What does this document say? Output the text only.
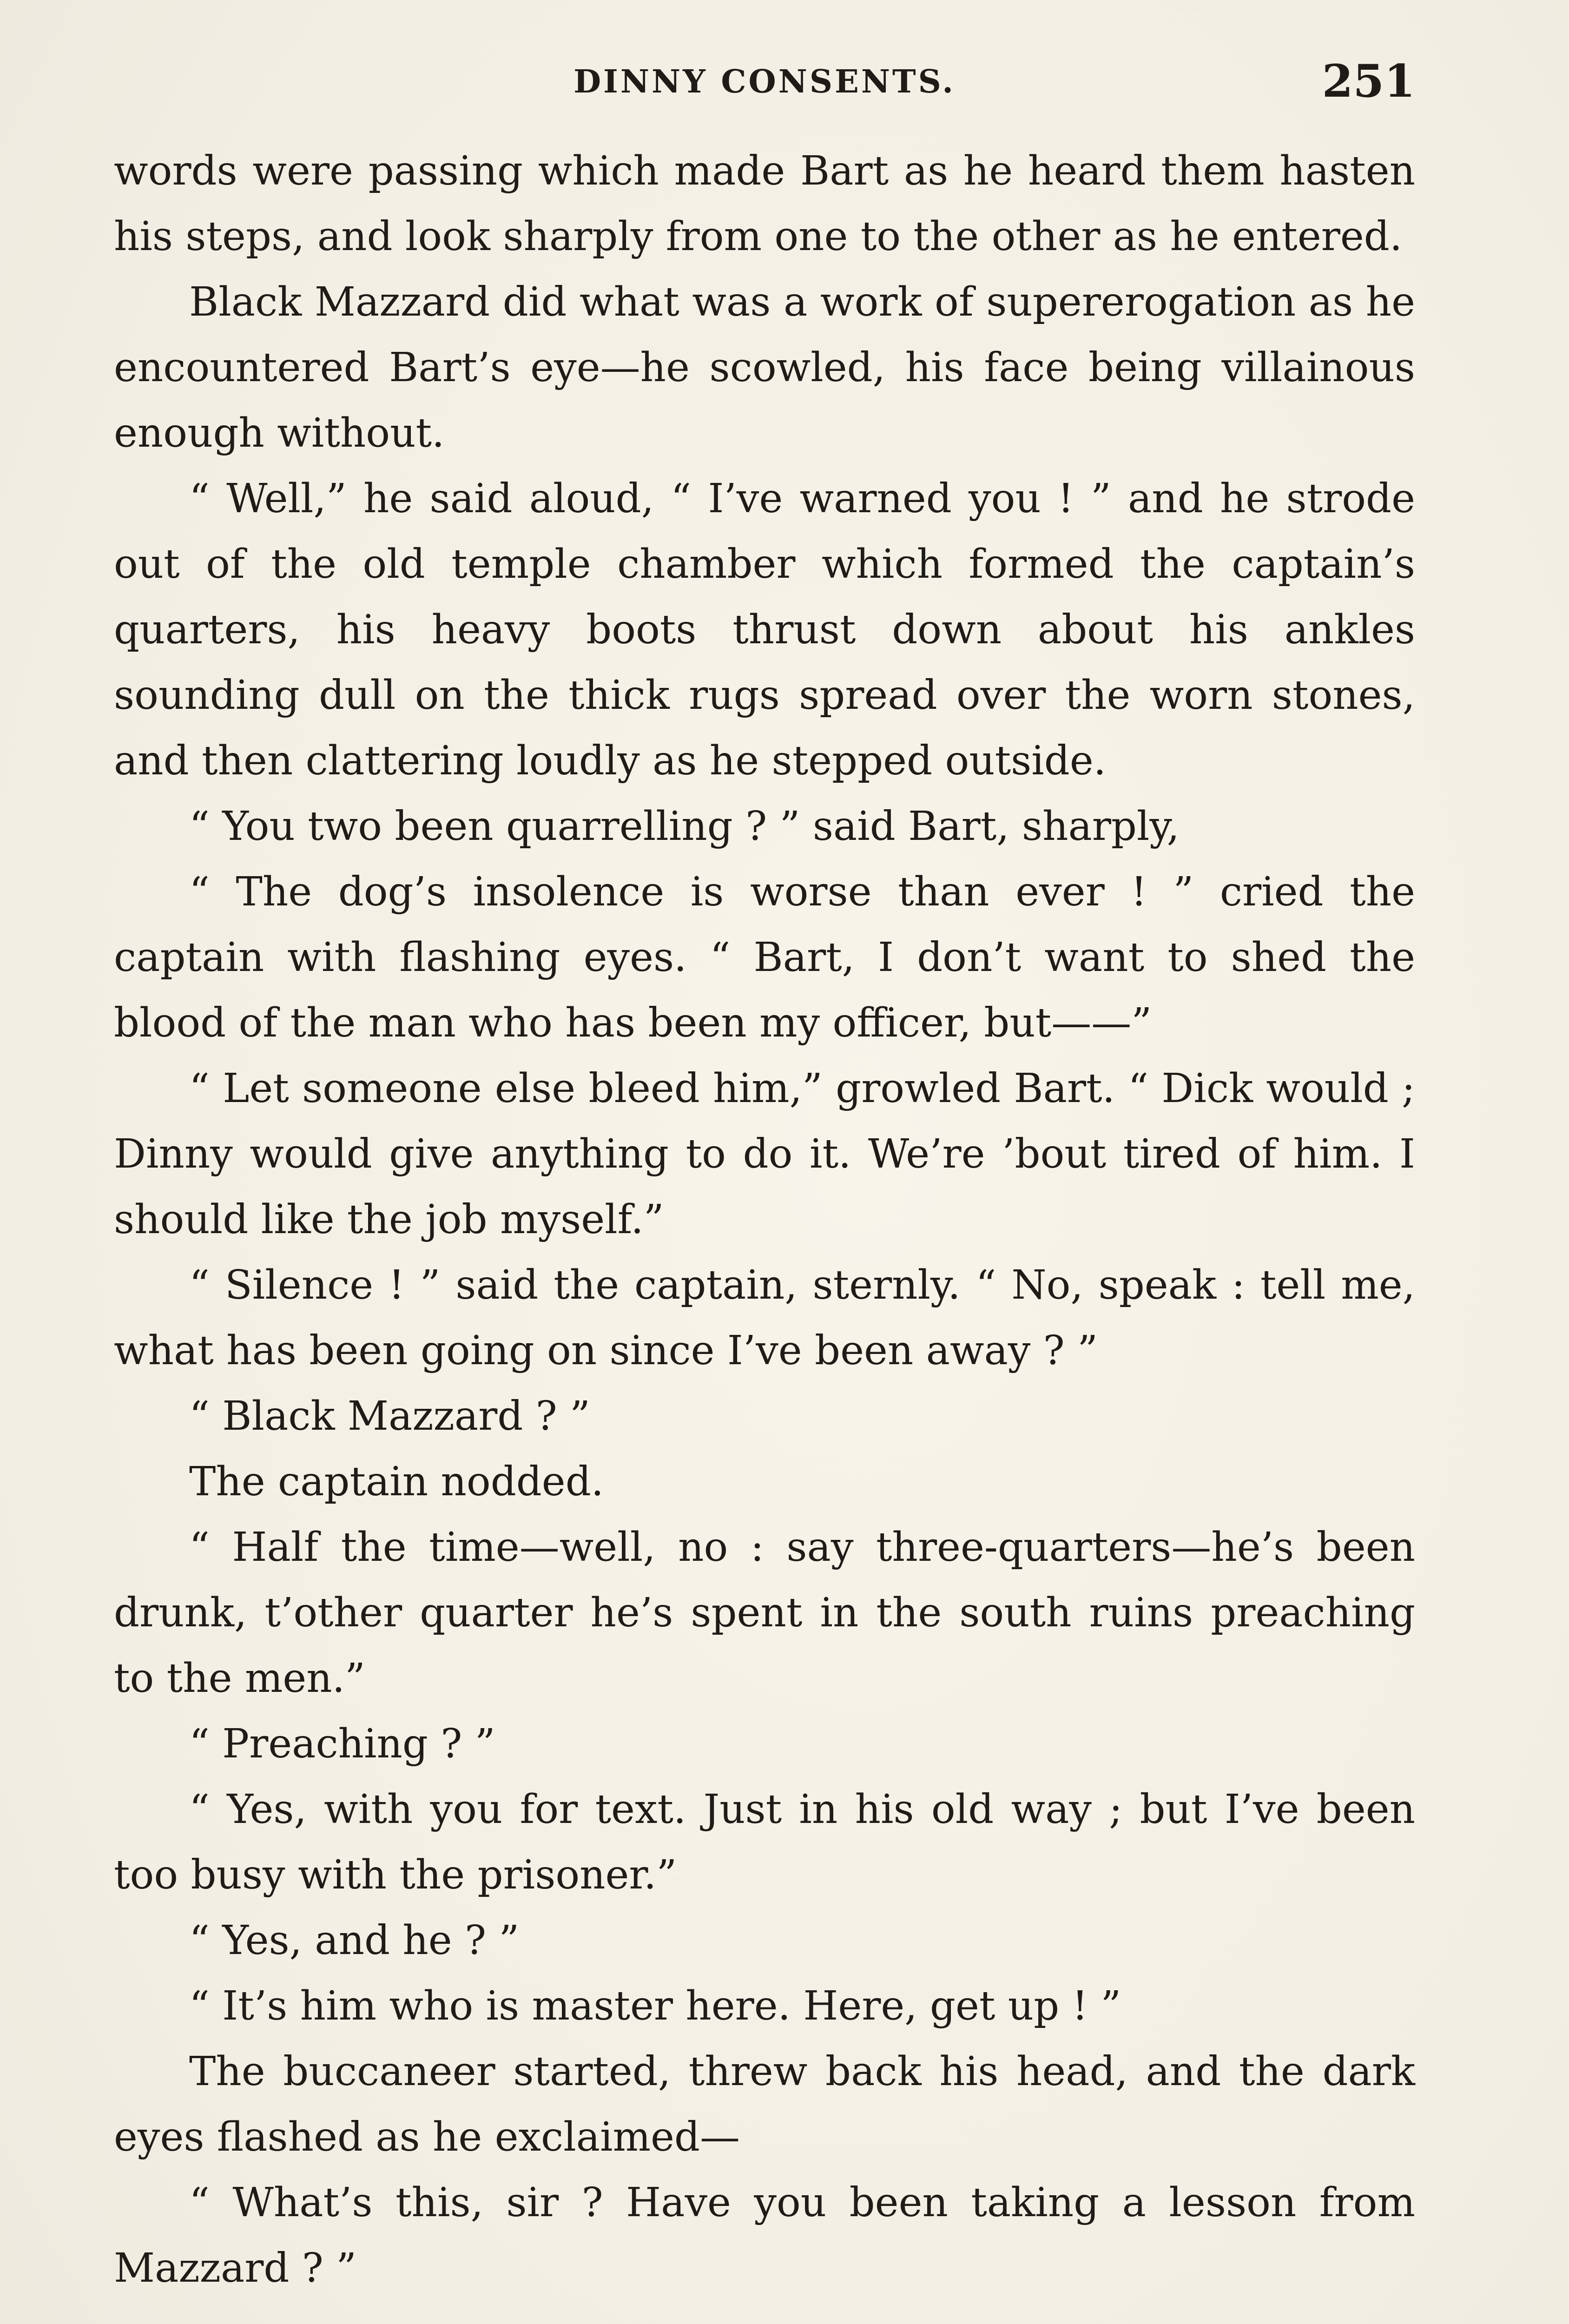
DINNY CONSENTS.	251

words were passing which made Bart as he heard them hasten his steps, and look sharply from one to the other as he entered.

Black Mazzard did what was a work of supererogation as he encountered Bart’s eye—he scowled, his face being villainous enough without.

“ Well,” he said aloud, “ I’ve warned you ! ” and he strode out of the old temple chamber which formed the captain’s quarters, his heavy boots thrust down about his ankles sounding dull on the thick rugs spread over the worn stones, and then clattering loudly as he stepped outside.

“ You two been quarrelling ? ” said Bart, sharply,

“ The dog’s insolence is worse than ever ! ” cried the captain with flashing eyes. “ Bart, I don’t want to shed the blood of the man who has been my officer, but——”

“ Let someone else bleed him,” growled Bart. “ Dick would ; Dinny would give anything to do it. We’re ’bout tired of him. I should like the job myself.”

“ Silence ! ” said the captain, sternly. “ No, speak : tell me, what has been going on since I’ve been away ? ”

“ Black Mazzard ? ”

The captain nodded.

“ Half the time—well, no : say three-quarters—he’s been drunk, t’other quarter he’s spent in the south ruins preaching to the men.”

“ Preaching ? ”

“ Yes, with you for text. Just in his old way ; but I’ve been too busy with the prisoner.”

“ Yes, and he ? ”

“ It’s him who is master here. Here, get up ! ”

The buccaneer started, threw back his head, and the dark eyes flashed as he exclaimed—

“ What’s this, sir ? Have you been taking a lesson from Mazzard ? ”
